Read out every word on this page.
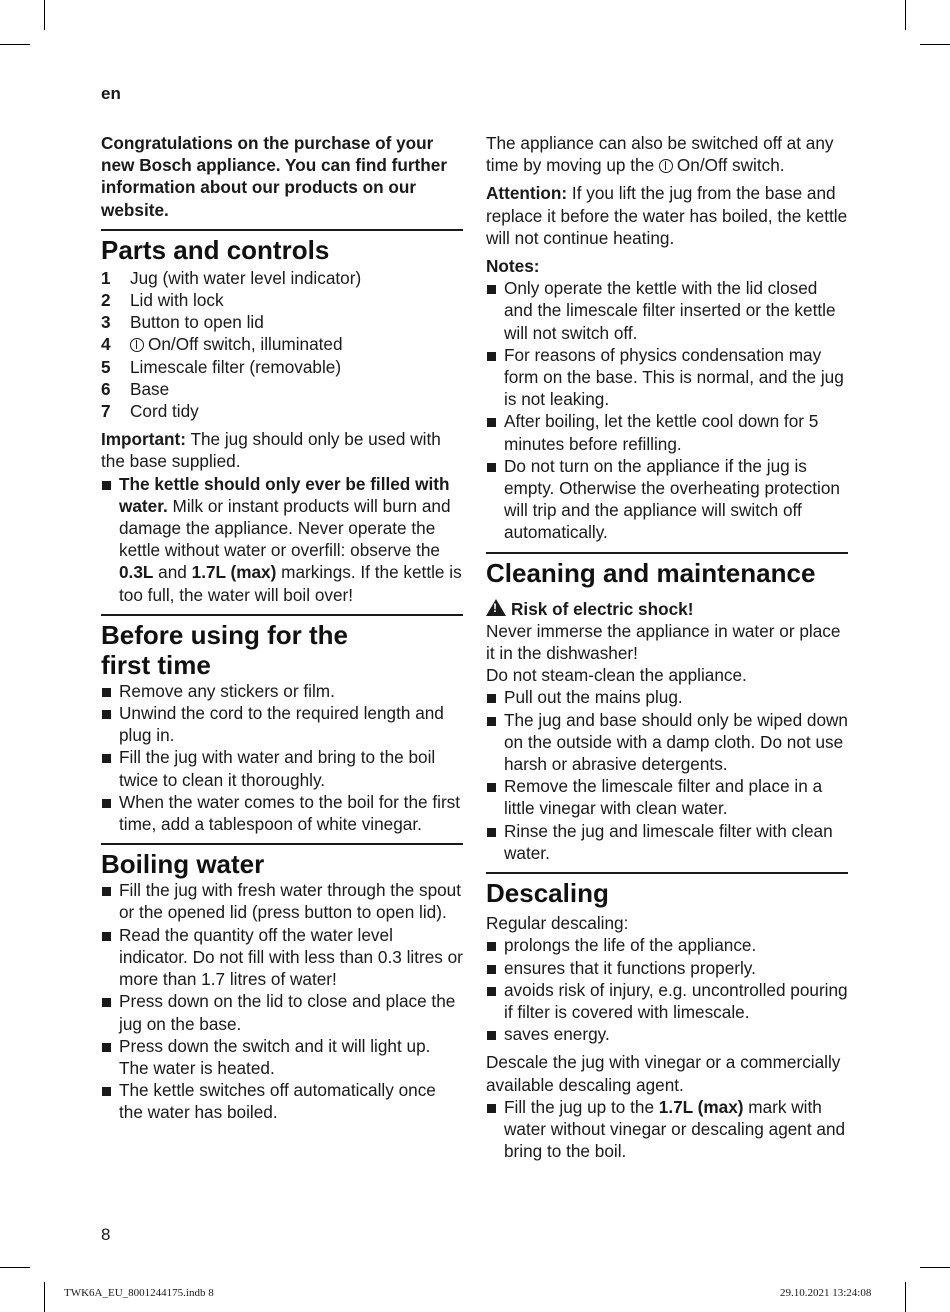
en

Congratulations on the purchase of your new Bosch appliance. You can find further information about our products on our website.

Parts and controls
1	Jug (with water level indicator)
2	Lid with lock
3	Button to open lid
4	On/Off switch, illuminated
5	Limescale filter (removable)
6	Base
7	Cord tidy

Important: The jug should only be used with the base supplied.

The kettle should only ever be filled with water. Milk or instant products will burn and damage the appliance. Never operate the kettle without water or overfill: observe the 0.3L and 1.7L (max) markings. If the kettle is too full, the water will boil over!
Before using for the
first time
Remove any stickers or film.
Unwind the cord to the required length and plug in.
Fill the jug with water and bring to the boil twice to clean it thoroughly.
When the water comes to the boil for the first time, add a tablespoon of white vinegar.
Boiling water
Fill the jug with fresh water through the spout or the opened lid (press button to open lid).
Read the quantity off the water level indicator. Do not fill with less than 0.3 litres or more than 1.7 litres of water!
Press down on the lid to close and place the jug on the base.
Press down the switch and it will light up. The water is heated.
The kettle switches off automatically once the water has boiled.

The appliance can also be switched off at any time by moving up the On/Off switch.

Attention: If you lift the jug from the base and replace it before the water has boiled, the kettle will not continue heating.

Notes:

Only operate the kettle with the lid closed and the limescale filter inserted or the kettle will not switch off.
For reasons of physics condensation may form on the base. This is normal, and the jug is not leaking.
After boiling, let the kettle cool down for 5 minutes before refilling.
Do not turn on the appliance if the jug is empty. Otherwise the overheating protection will trip and the appliance will switch off automatically.
Cleaning and maintenance

!Risk of electric shock!

Never immerse the appliance in water or place it in the dishwasher!

Do not steam-clean the appliance.

Pull out the mains plug.
The jug and base should only be wiped down on the outside with a damp cloth. Do not use harsh or abrasive detergents.
Remove the limescale filter and place in a little vinegar with clean water.
Rinse the jug and limescale filter with clean water.
Descaling

Regular descaling:

prolongs the life of the appliance.
ensures that it functions properly.
avoids risk of injury, e.g. uncontrolled pouring if filter is covered with limescale.
saves energy.

Descale the jug with vinegar or a commercially available descaling agent.

Fill the jug up to the 1.7L (max) mark with water without vinegar or descaling agent and bring to the boil.
8
TWK6A_EU_8001244175.indb 8	29.10.2021 13:24:08
